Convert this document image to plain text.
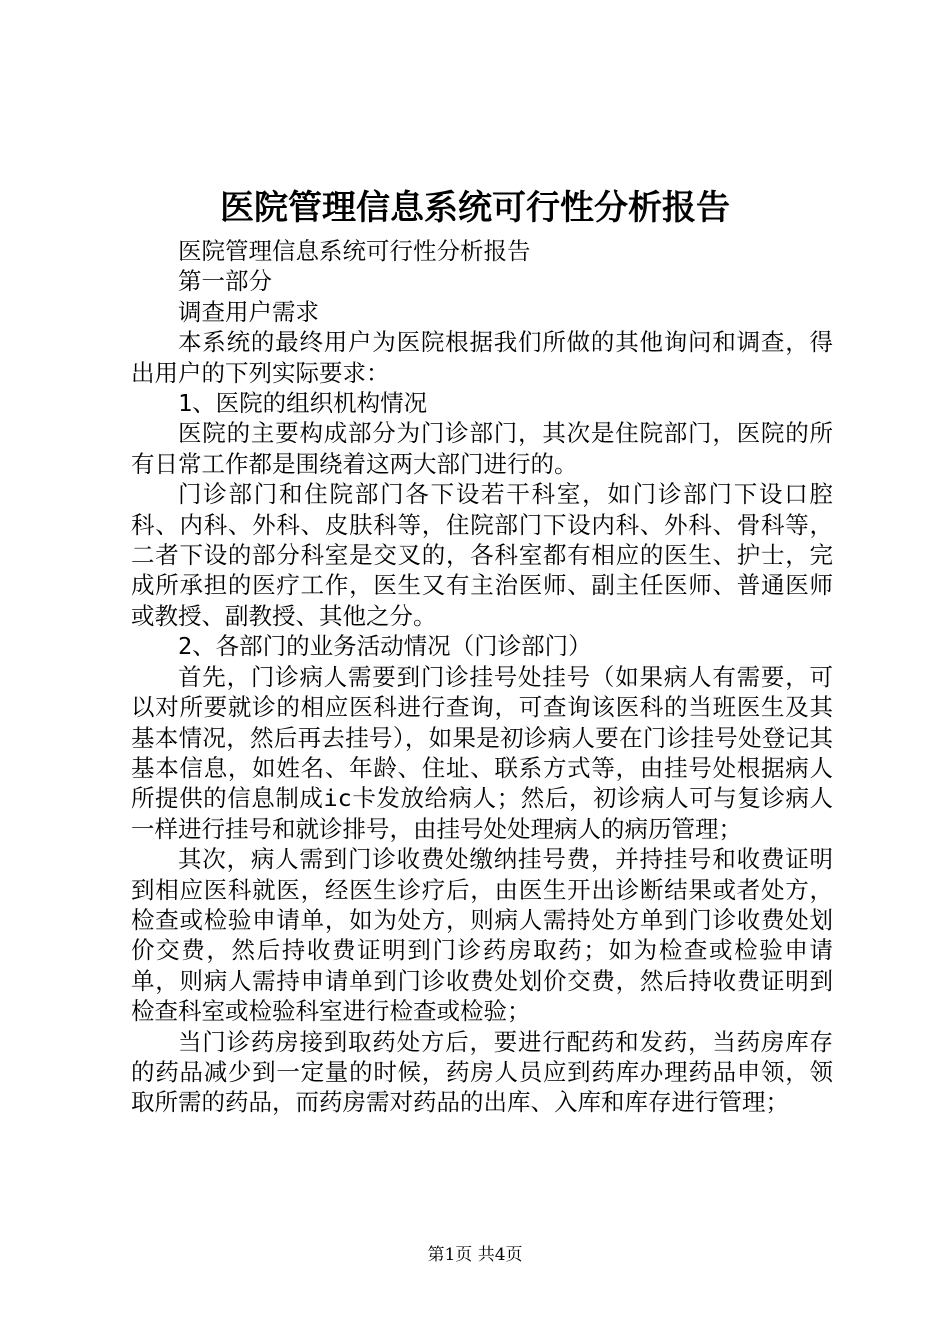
医院管理信息系统可行性分析报告

医院管理信息系统可行性分析报告

第一部分

调查用户需求

本系统的最终用户为医院根据我们所做的其他询问和调查，得出用户的下列实际要求：

1、医院的组织机构情况

医院的主要构成部分为门诊部门，其次是住院部门，医院的所有日常工作都是围绕着这两大部门进行的。

门诊部门和住院部门各下设若干科室，如门诊部门下设口腔科、内科、外科、皮肤科等，住院部门下设内科、外科、骨科等，二者下设的部分科室是交叉的，各科室都有相应的医生、护士，完成所承担的医疗工作，医生又有主治医师、副主任医师、普通医师或教授、副教授、其他之分。

2、各部门的业务活动情况（门诊部门）

首先，门诊病人需要到门诊挂号处挂号（如果病人有需要，可以对所要就诊的相应医科进行查询，可查询该医科的当班医生及其基本情况，然后再去挂号），如果是初诊病人要在门诊挂号处登记其基本信息，如姓名、年龄、住址、联系方式等，由挂号处根据病人所提供的信息制成ic卡发放给病人；然后，初诊病人可与复诊病人一样进行挂号和就诊排号，由挂号处处理病人的病历管理；

其次，病人需到门诊收费处缴纳挂号费，并持挂号和收费证明到相应医科就医，经医生诊疗后，由医生开出诊断结果或者处方，检查或检验申请单，如为处方，则病人需持处方单到门诊收费处划价交费，然后持收费证明到门诊药房取药；如为检查或检验申请单，则病人需持申请单到门诊收费处划价交费，然后持收费证明到检查科室或检验科室进行检查或检验；

当门诊药房接到取药处方后，要进行配药和发药，当药房库存的药品减少到一定量的时候，药房人员应到药库办理药品申领，领取所需的药品，而药房需对药品的出库、入库和库存进行管理；

第1页 共4页
